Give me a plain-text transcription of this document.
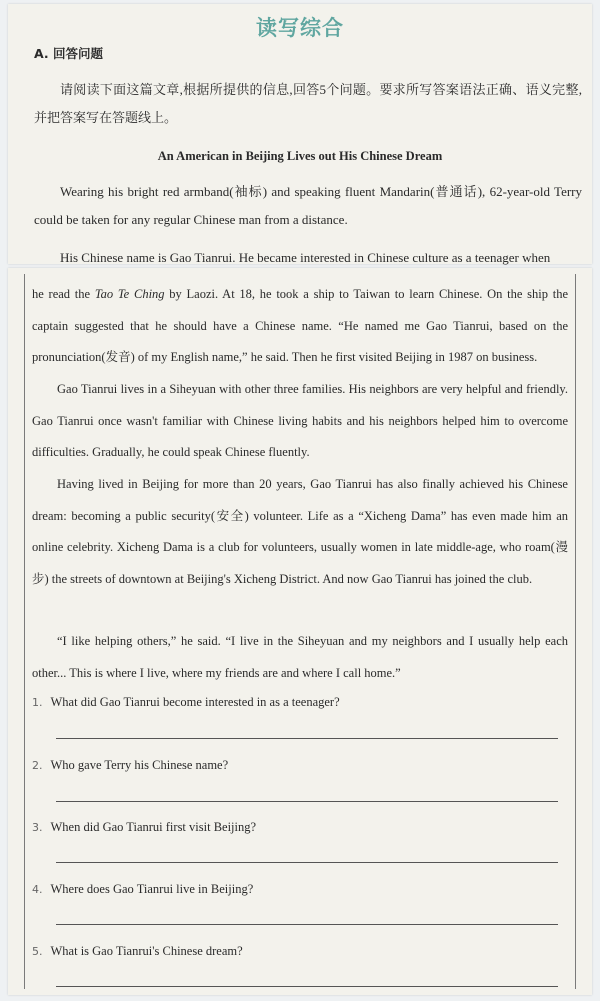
读写综合
A. 回答问题
请阅读下面这篇文章,根据所提供的信息,回答5个问题。要求所写答案语法正确、语义完整,并把答案写在答题线上。
An American in Beijing Lives out His Chinese Dream
Wearing his bright red armband(袖标) and speaking fluent Mandarin(普通话), 62-year-old Terry could be taken for any regular Chinese man from a distance.
His Chinese name is Gao Tianrui. He became interested in Chinese culture as a teenager when
he read the Tao Te Ching by Laozi. At 18, he took a ship to Taiwan to learn Chinese. On the ship the captain suggested that he should have a Chinese name. “He named me Gao Tianrui, based on the pronunciation(发音) of my English name,” he said. Then he first visited Beijing in 1987 on business.
Gao Tianrui lives in a Siheyuan with other three families. His neighbors are very helpful and friendly. Gao Tianrui once wasn't familiar with Chinese living habits and his neighbors helped him to overcome difficulties. Gradually, he could speak Chinese fluently.
Having lived in Beijing for more than 20 years, Gao Tianrui has also finally achieved his Chinese dream: becoming a public security(安全) volunteer. Life as a “Xicheng Dama” has even made him an online celebrity. Xicheng Dama is a club for volunteers, usually women in late middle-age, who roam(漫步) the streets of downtown at Beijing's Xicheng District. And now Gao Tianrui has joined the club.
“I like helping others,” he said. “I live in the Siheyuan and my neighbors and I usually help each other... This is where I live, where my friends are and where I call home.”
1. What did Gao Tianrui become interested in as a teenager?
2. Who gave Terry his Chinese name?
3. When did Gao Tianrui first visit Beijing?
4. Where does Gao Tianrui live in Beijing?
5. What is Gao Tianrui's Chinese dream?
